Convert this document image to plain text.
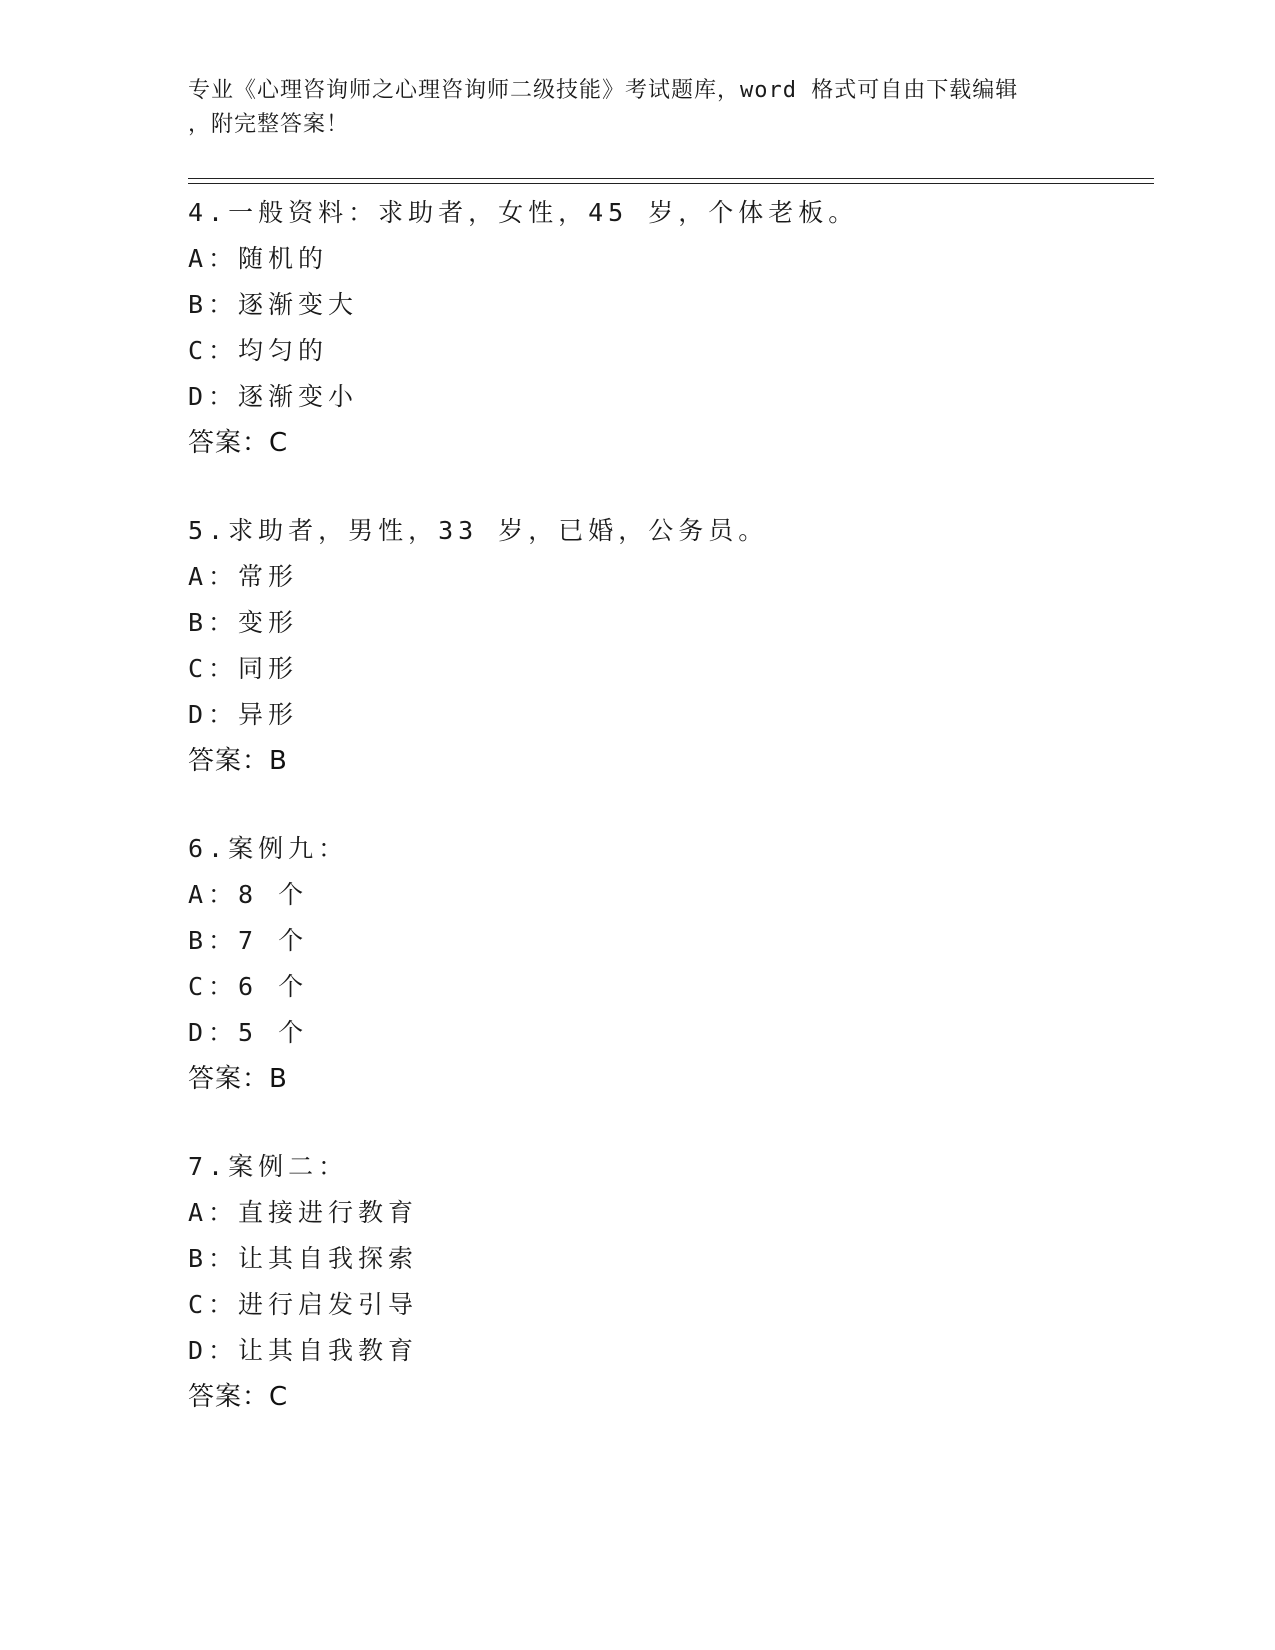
专业《心理咨询师之心理咨询师二级技能》考试题库，word 格式可自由下载编辑
，附完整答案！
4.一般资料：求助者，女性，45 岁，个体老板。
A：随机的
B：逐渐变大
C：均匀的
D：逐渐变小
答案：C
5.求助者，男性，33 岁，已婚，公务员。
A：常形
B：变形
C：同形
D：异形
答案：B
6.案例九：
A：8 个
B：7 个
C：6 个
D：5 个
答案：B
7.案例二：
A：直接进行教育
B：让其自我探索
C：进行启发引导
D：让其自我教育
答案：C
